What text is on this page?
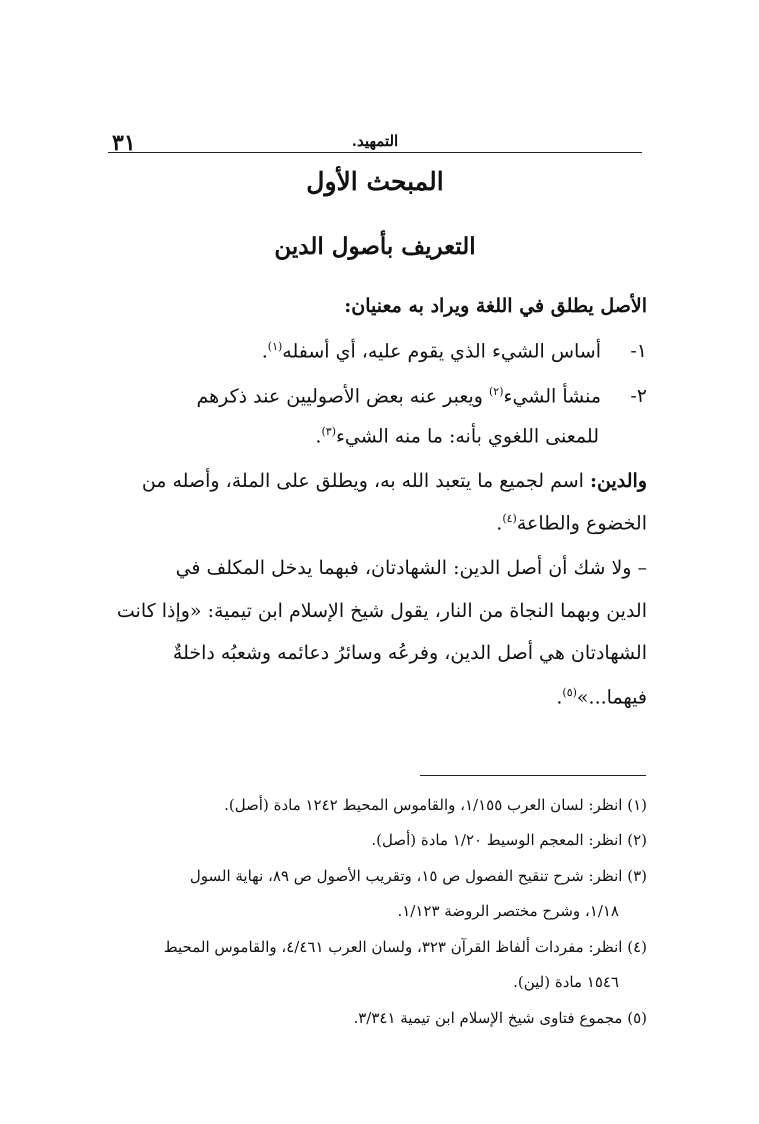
٣١	التمهيد.
المبحث الأول
التعريف بأصول الدين
الأصل يطلق في اللغة ويراد به معنيان:
١-أساس الشيء الذي يقوم عليه، أي أسفله$^{(١)}$.
٢-منشأ الشيء$^{(٢)}$ ويعبر عنه بعض الأصوليين عند ذكرهم
للمعنى اللغوي بأنه: ما منه الشيء$^{(٣)}$.
والدين: اسم لجميع ما يتعبد الله به، ويطلق على الملة، وأصله من
الخضوع والطاعة$^{(٤)}$.
– ولا شك أن أصل الدين: الشهادتان، فبهما يدخل المكلف في
الدين وبهما النجاة من النار، يقول شيخ الإسلام ابن تيمية: «وإذا كانت
الشهادتان هي أصل الدين، وفرعُه وسائرُ دعائمه وشعبُه داخلةٌ
فيهما...»$^{(٥)}$.
(١) انظر: لسان العرب ١/١٥٥، والقاموس المحيط ١٢٤٢ مادة (أصل).
(٢) انظر: المعجم الوسيط ١/٢٠ مادة (أصل).
(٣) انظر: شرح تنقيح الفصول ص ١٥، وتقريب الأصول ص ٨٩، نهاية السول
١/١٨، وشرح مختصر الروضة ١/١٢٣.
(٤) انظر: مفردات ألفاظ القرآن ٣٢٣، ولسان العرب ٤/٤٦١، والقاموس المحيط
١٥٤٦ مادة (لين).
(٥) مجموع فتاوى شيخ الإسلام ابن تيمية ٣/٣٤١.
